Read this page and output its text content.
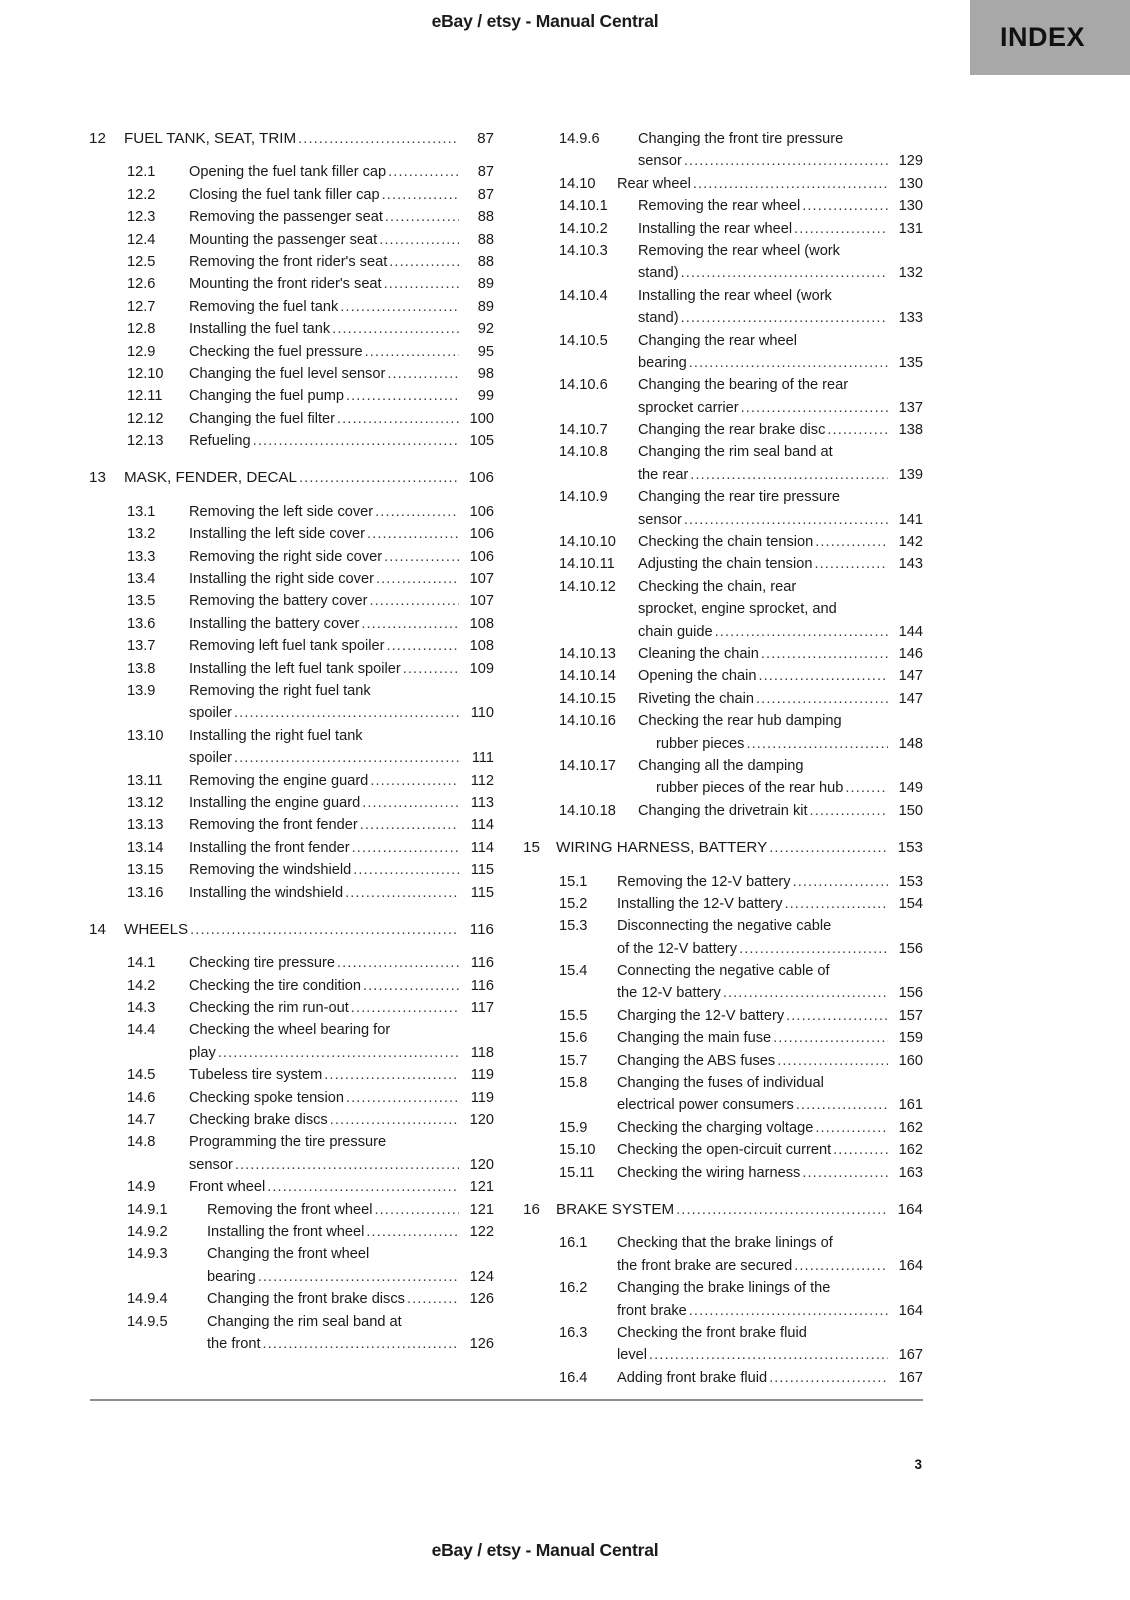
eBay / etsy - Manual Central
INDEX
12 FUEL TANK, SEAT, TRIM .....	87
12.1 Opening the fuel tank filler cap .....	87
12.2 Closing the fuel tank filler cap .....	87
12.3 Removing the passenger seat .....	88
12.4 Mounting the passenger seat .....	88
12.5 Removing the front rider's seat .....	88
12.6 Mounting the front rider's seat .....	89
12.7 Removing the fuel tank .....	89
12.8 Installing the fuel tank .....	92
12.9 Checking the fuel pressure .....	95
12.10 Changing the fuel level sensor .....	98
12.11 Changing the fuel pump .....	99
12.12 Changing the fuel filter .....	100
12.13 Refueling .....	105
13 MASK, FENDER, DECAL .....	106
13.1 Removing the left side cover .....	106
13.2 Installing the left side cover .....	106
13.3 Removing the right side cover .....	106
13.4 Installing the right side cover .....	107
13.5 Removing the battery cover .....	107
13.6 Installing the battery cover .....	108
13.7 Removing left fuel tank spoiler .....	108
13.8 Installing the left fuel tank spoiler .....	109
13.9 Removing the right fuel tank
spoiler .....	110
13.10 Installing the right fuel tank
spoiler .....	111
13.11 Removing the engine guard .....	112
13.12 Installing the engine guard .....	113
13.13 Removing the front fender .....	114
13.14 Installing the front fender .....	114
13.15 Removing the windshield .....	115
13.16 Installing the windshield .....	115
14 WHEELS .....	116
14.1 Checking tire pressure .....	116
14.2 Checking the tire condition .....	116
14.3 Checking the rim run-out .....	117
14.4 Checking the wheel bearing for
play .....	118
14.5 Tubeless tire system .....	119
14.6 Checking spoke tension .....	119
14.7 Checking brake discs .....	120
14.8 Programming the tire pressure
sensor .....	120
14.9 Front wheel .....	121
14.9.1	Removing the front wheel .....	121
14.9.2	Installing the front wheel .....	122
14.9.3	Changing the front wheel
bearing .....	124
14.9.4	Changing the front brake discs .....	126
14.9.5	Changing the rim seal band at
the front .....	126
14.9.6	Changing the front tire pressure
sensor .....	129
14.10 Rear wheel .....	130
14.10.1 Removing the rear wheel .....	130
14.10.2 Installing the rear wheel .....	131
14.10.3 Removing the rear wheel (work
stand) .....	132
14.10.4 Installing the rear wheel (work
stand) .....	133
14.10.5 Changing the rear wheel
bearing .....	135
14.10.6 Changing the bearing of the rear
sprocket carrier .....	137
14.10.7 Changing the rear brake disc .....	138
14.10.8 Changing the rim seal band at
the rear .....	139
14.10.9 Changing the rear tire pressure
sensor .....	141
14.10.10 Checking the chain tension .....	142
14.10.11 Adjusting the chain tension .....	143
14.10.12 Checking the chain, rear
sprocket, engine sprocket, and
chain guide .....	144
14.10.13 Cleaning the chain .....	146
14.10.14 Opening the chain .....	147
14.10.15 Riveting the chain .....	147
14.10.16 Checking the rear hub damping
rubber pieces .....	148
14.10.17 Changing all the damping
rubber pieces of the rear hub .....	149
14.10.18 Changing the drivetrain kit .....	150
15 WIRING HARNESS, BATTERY .....	153
15.1 Removing the 12-V battery .....	153
15.2 Installing the 12-V battery .....	154
15.3 Disconnecting the negative cable
of the 12-V battery .....	156
15.4 Connecting the negative cable of
the 12-V battery .....	156
15.5 Charging the 12-V battery .....	157
15.6 Changing the main fuse .....	159
15.7 Changing the ABS fuses .....	160
15.8 Changing the fuses of individual
electrical power consumers .....	161
15.9 Checking the charging voltage .....	162
15.10 Checking the open-circuit current .....	162
15.11 Checking the wiring harness .....	163
16 BRAKE SYSTEM .....	164
16.1 Checking that the brake linings of
the front brake are secured .....	164
16.2 Changing the brake linings of the
front brake .....	164
16.3 Checking the front brake fluid
level .....	167
16.4 Adding front brake fluid .....	167
3
eBay / etsy - Manual Central
